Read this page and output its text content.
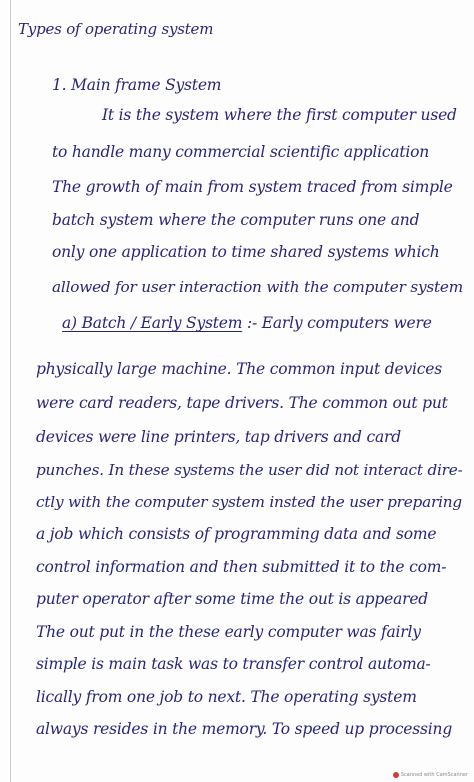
Types of operating system
1. Main frame System
It is the system where the first computer used
to handle many commercial scientific application
The growth of main from system traced from simple
batch system where the computer runs one and
only one application to time shared systems which
allowed for user interaction with the computer system
a) Batch / Early System :- Early computers were
physically large machine. The common input devices
were card readers, tape drivers. The common out put
devices were line printers, tap drivers and card
punches. In these systems the user did not interact dire-
ctly with the computer system insted the user preparing
a job which consists of programming data and some
control information and then submitted it to the com-
puter operator after some time the out is appeared
The out put in the these early computer was fairly
simple is main task was to transfer control automa-
lically from one job to next. The operating system
always resides in the memory. To speed up processing
Scanned with CamScanner
